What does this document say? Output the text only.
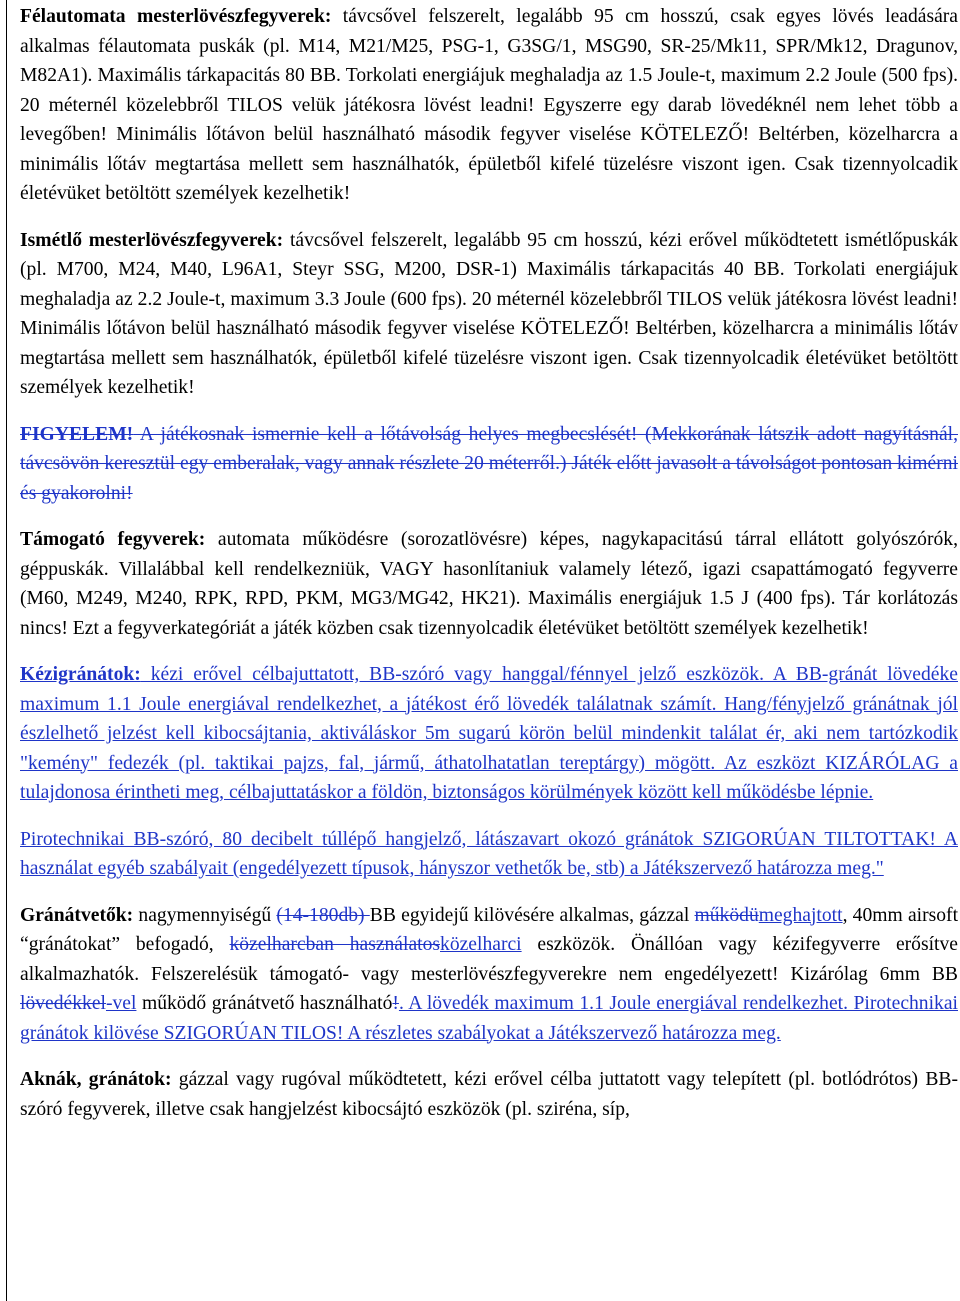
Félautomata mesterlövészfegyverek: távcsővel felszerelt, legalább 95 cm hosszú, csak egyes lövés leadására alkalmas félautomata puskák (pl. M14, M21/M25, PSG-1, G3SG/1, MSG90, SR-25/Mk11, SPR/Mk12, Dragunov, M82A1). Maximális tárkapacitás 80 BB. Torkolati energiájuk meghaladja az 1.5 Joule-t, maximum 2.2 Joule (500 fps). 20 méternél közelebbről TILOS velük játékosra lövést leadni! Egyszerre egy darab lövedéknél nem lehet több a levegőben! Minimális lőtávon belül használható második fegyver viselése KÖTELEZŐ! Beltérben, közelharcra a minimális lőtáv megtartása mellett sem használhatók, épületből kifelé tüzelésre viszont igen. Csak tizennyolcadik életévüket betöltött személyek kezelhetik!

Ismétlő mesterlövészfegyverek: távcsővel felszerelt, legalább 95 cm hosszú, kézi erővel működtetett ismétlőpuskák (pl. M700, M24, M40, L96A1, Steyr SSG, M200, DSR-1) Maximális tárkapacitás 40 BB. Torkolati energiájuk meghaladja az 2.2 Joule-t, maximum 3.3 Joule (600 fps). 20 méternél közelebbről TILOS velük játékosra lövést leadni! Minimális lőtávon belül használható második fegyver viselése KÖTELEZŐ! Beltérben, közelharcra a minimális lőtáv megtartása mellett sem használhatók, épületből kifelé tüzelésre viszont igen. Csak tizennyolcadik életévüket betöltött személyek kezelhetik!

FIGYELEM! A játékosnak ismernie kell a lőtávolság helyes megbecslését! (Mekkorának látszik adott nagyításnál, távcsövön keresztül egy emberalak, vagy annak részlete 20 méterről.) Játék előtt javasolt a távolságot pontosan kimérni és gyakorolni!

Támogató fegyverek: automata működésre (sorozatlövésre) képes, nagykapacitású tárral ellátott golyószórók, géppuskák. Villalábbal kell rendelkezniük, VAGY hasonlítaniuk valamely létező, igazi csapattámogató fegyverre (M60, M249, M240, RPK, RPD, PKM, MG3/MG42, HK21). Maximális energiájuk 1.5 J (400 fps). Tár korlátozás nincs! Ezt a fegyverkategóriát a játék közben csak tizennyolcadik életévüket betöltött személyek kezelhetik!

Kézigránátok: kézi erővel célbajuttatott, BB-szóró vagy hanggal/fénnyel jelző eszközök. A BB-gránát lövedéke maximum 1.1 Joule energiával rendelkezhet, a játékost érő lövedék találatnak számít. Hang/fényjelző gránátnak jól észlelhető jelzést kell kibocsájtania, aktiváláskor 5m sugarú körön belül mindenkit találat ér, aki nem tartózkodik "kemény" fedezék (pl. taktikai pajzs, fal, jármű, áthatolhatatlan tereptárgy) mögött. Az eszközt KIZÁRÓLAG a tulajdonosa érintheti meg, célbajuttatáskor a földön, biztonságos körülmények között kell működésbe lépnie.

Pirotechnikai BB-szóró, 80 decibelt túllépő hangjelző, látászavart okozó gránátok SZIGORÚAN TILTOTTAK! A használat egyéb szabályait (engedélyezett típusok, hányszor vethetők be, stb) a Játékszervező határozza meg."

Gránátvetők: nagymennyiségű (14-180db) BB egyidejű kilövésére alkalmas, gázzal működümeghajtott, 40mm airsoft “gránátokat” befogadó, közelharcban használatosközelharci eszközök. Önállóan vagy kézifegyverre erősítve alkalmazhatók. Felszerelésük támogató- vagy mesterlövészfegyverekre nem engedélyezett! Kizárólag 6mm BB lövedékkel-vel működő gránátvető használható!. A lövedék maximum 1.1 Joule energiával rendelkezhet. Pirotechnikai gránátok kilövése SZIGORÚAN TILOS! A részletes szabályokat a Játékszervező határozza meg.

Aknák, gránátok: gázzal vagy rugóval működtetett, kézi erővel célba juttatott vagy telepített (pl. botlódrótos) BB-szóró fegyverek, illetve csak hangjelzést kibocsájtó eszközök (pl. sziréna, síp,
